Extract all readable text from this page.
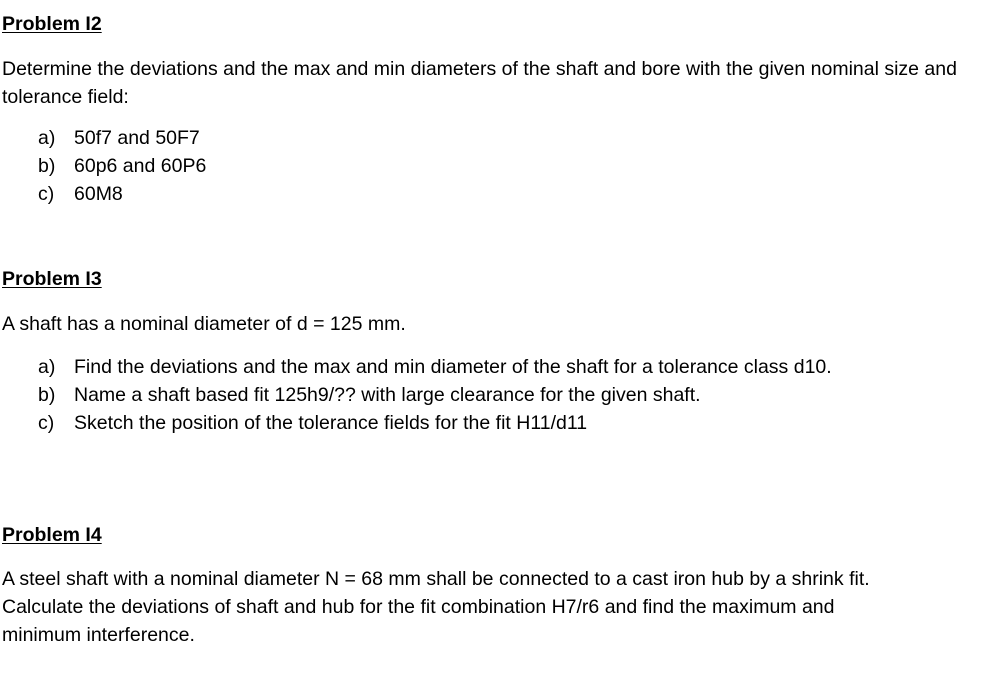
Problem I2

Determine the deviations and the max and min diameters of the shaft and bore with the given nominal size and tolerance field:

a) 50f7 and 50F7
b) 60p6 and 60P6
c) 60M8
Problem I3

A shaft has a nominal diameter of d = 125 mm.

a) Find the deviations and the max and min diameter of the shaft for a tolerance class d10.
b) Name a shaft based fit 125h9/?? with large clearance for the given shaft.
c) Sketch the position of the tolerance fields for the fit H11/d11
Problem I4

A steel shaft with a nominal diameter N = 68 mm shall be connected to a cast iron hub by a shrink fit. Calculate the deviations of shaft and hub for the fit combination H7/r6 and find the maximum and minimum interference.
